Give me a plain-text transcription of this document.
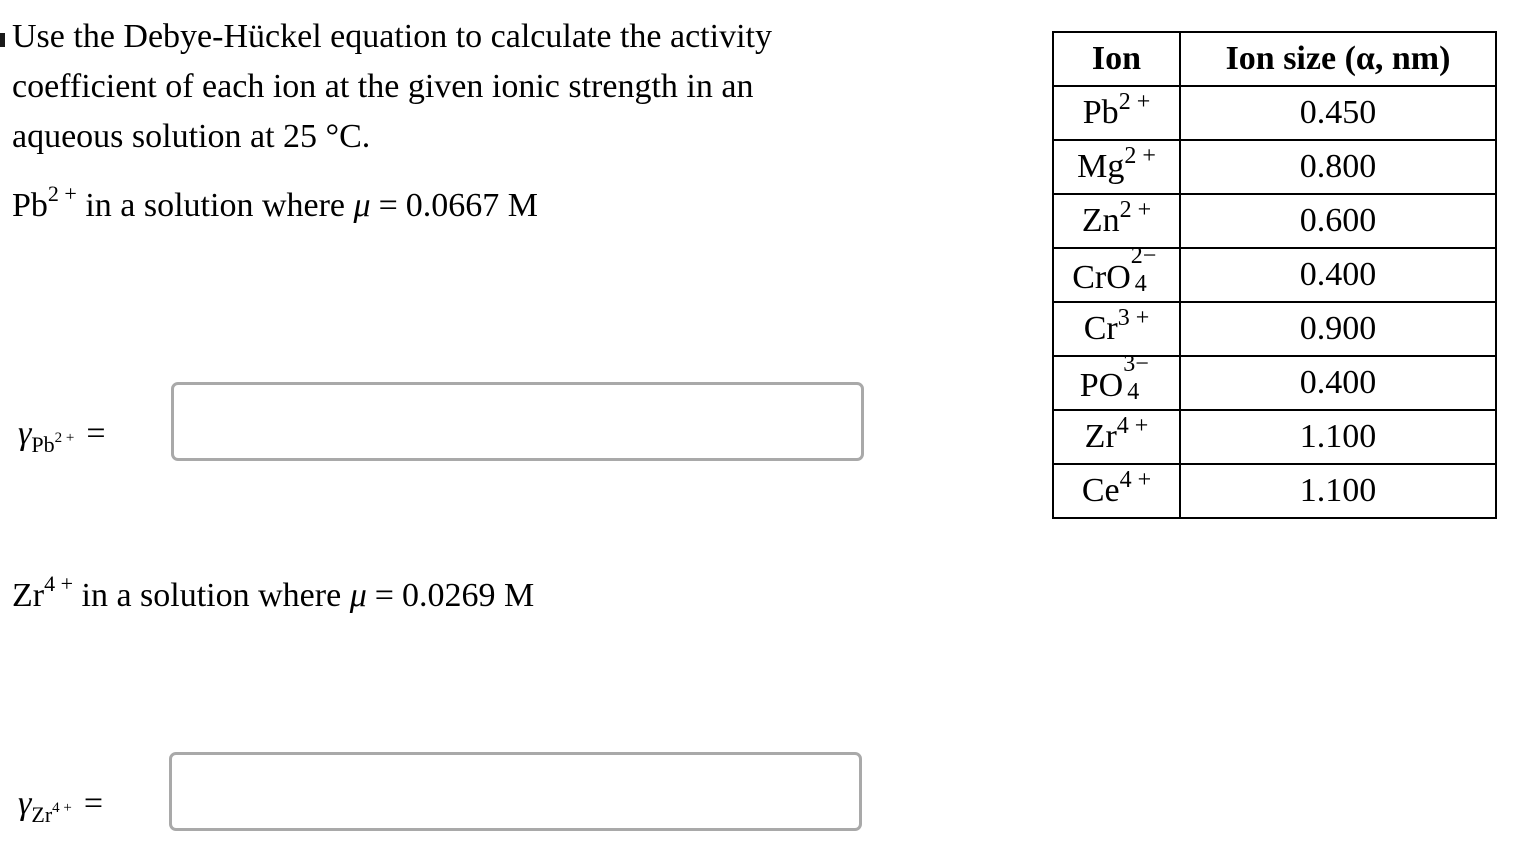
Use the Debye-Hückel equation to calculate the activity coefficient of each ion at the given ionic strength in an aqueous solution at 25 °C.

$Pb^{2 +}$ in a solution where μ = 0.0667 M
$\gamma_{Pb^{2 +}}$ =
$Zr^{4 +}$ in a solution where μ = 0.0269 M
$\gamma_{Zr^{4 +}}$ =
Ion	Ion size (α, nm)
$Pb^{2 +}$	0.450
$Mg^{2 +}$	0.800
$Zn^{2 +}$	0.600
CrO
2−
4	0.400
$Cr^{3 +}$	0.900
PO
3−
4	0.400
$Zr^{4 +}$	1.100
$Ce^{4 +}$	1.100
